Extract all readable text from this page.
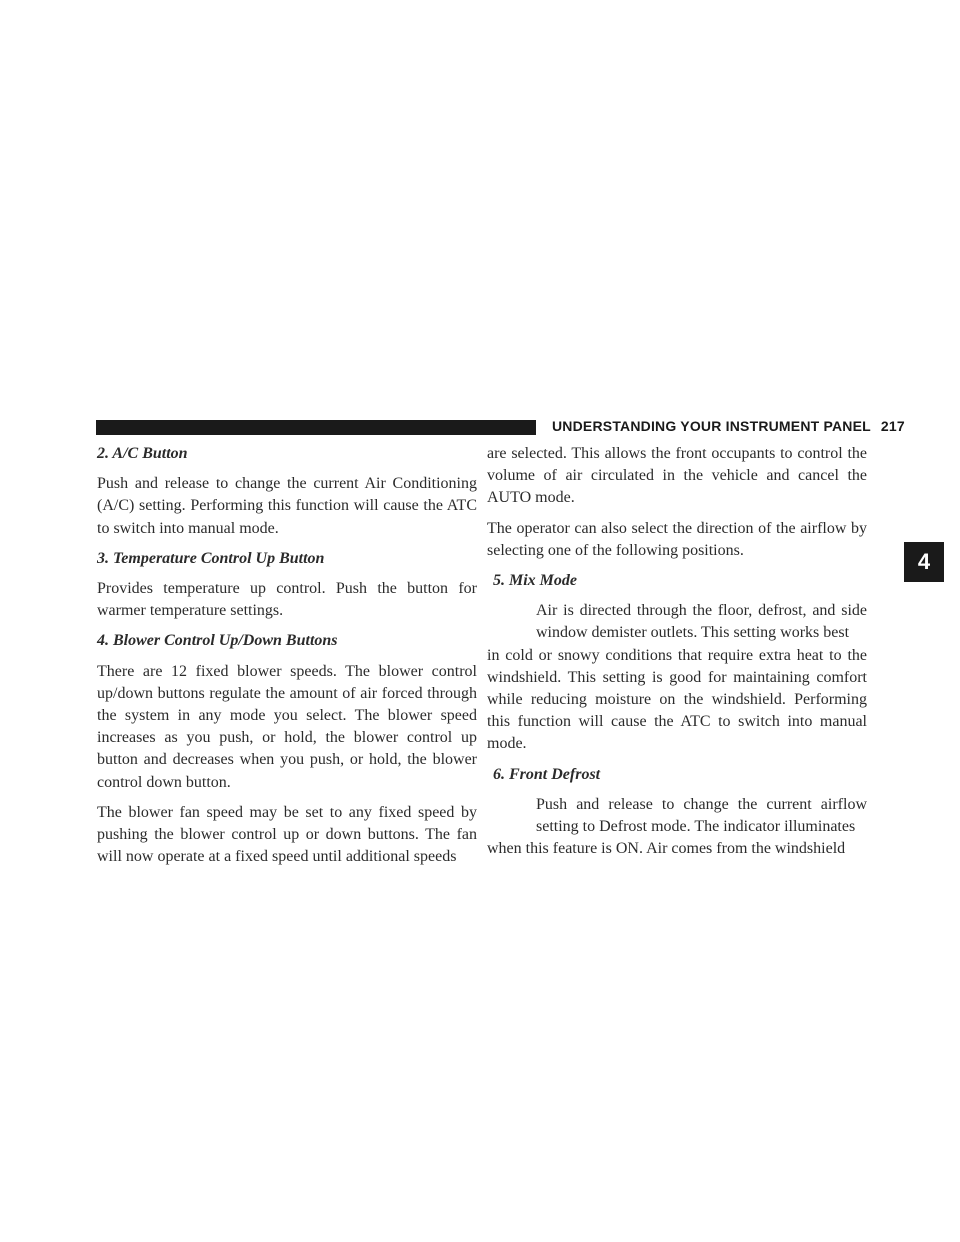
UNDERSTANDING YOUR INSTRUMENT PANEL 217
4
2. A/C Button

Push and release to change the current Air Conditioning (A/C) setting. Performing this function will cause the ATC to switch into manual mode.

3. Temperature Control Up Button

Provides temperature up control. Push the button for warmer temperature settings.

4. Blower Control Up/Down Buttons

There are 12 fixed blower speeds. The blower control up/down buttons regulate the amount of air forced through the system in any mode you select. The blower speed increases as you push, or hold, the blower control up button and decreases when you push, or hold, the blower control down button.

The blower fan speed may be set to any fixed speed by pushing the blower control up or down buttons. The fan will now operate at a fixed speed until additional speeds

are selected. This allows the front occupants to control the volume of air circulated in the vehicle and cancel the AUTO mode.

The operator can also select the direction of the airflow by selecting one of the following positions.

5. Mix Mode

Air is directed through the floor, defrost, and side
window demister outlets. This setting works best
in cold or snowy conditions that require extra heat to the windshield. This setting is good for maintaining comfort while reducing moisture on the windshield. Performing this function will cause the ATC to switch into manual mode.

6. Front Defrost

Push and release to change the current airflow
setting to Defrost mode. The indicator illuminates
when this feature is ON. Air comes from the windshield
